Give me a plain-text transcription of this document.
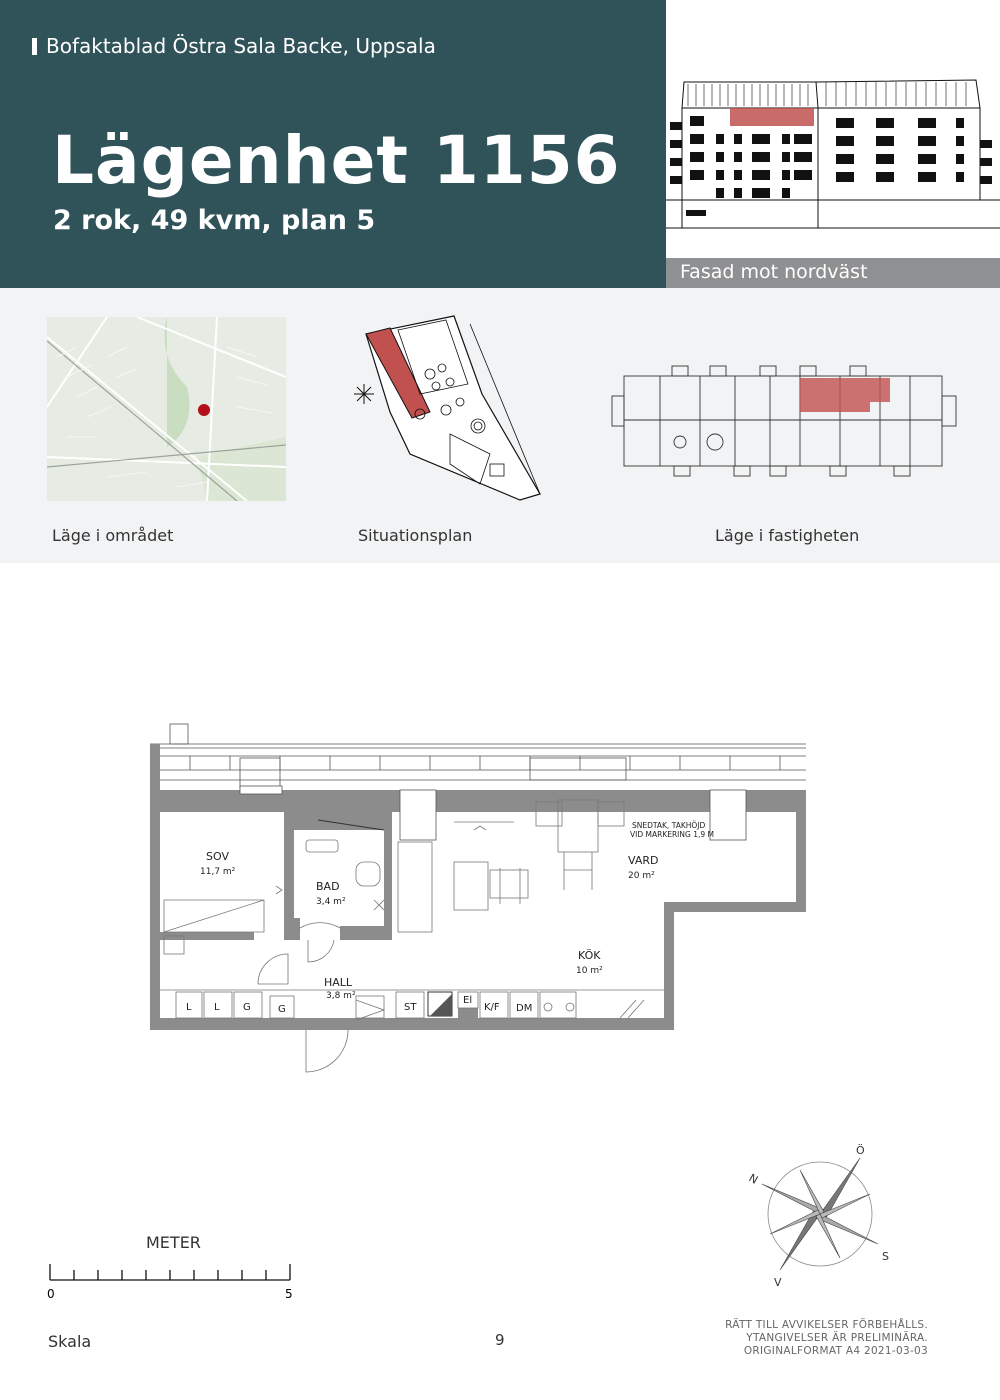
Bofaktablad Östra Sala Backe, Uppsala
Lägenhet 1156
2 rok, 49 kvm, plan 5
Fasad mot nordväst
Läge i området	Situationsplan	Läge i fastigheten
SOV
11,7 m²
BAD
3,4 m²
HALL
3,8 m²
KÖK
10 m²
VARD
20 m²
SNEDTAK, TAKHÖJD
VID MARKERING 1,9 M
L L G	G	ST
El
K/F DM
METER
0	5
Skala	9
N
Ö
S
V
RÄTT TILL AVVIKELSER FÖRBEHÅLLS.
YTANGIVELSER ÄR PRELIMINÄRA.
ORIGINALFORMAT A4 2021-03-03
